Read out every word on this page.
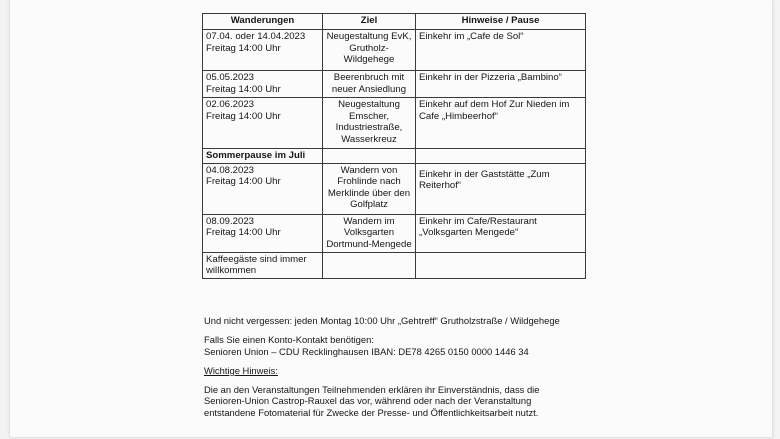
Wanderungen	Ziel	Hinweise / Pause
07.04. oder 14.04.2023
Freitag 14:00 Uhr	Neugestaltung EvK, Grutholz-Wildgehege	Einkehr im „Cafe de Sol“
05.05.2023
Freitag 14:00 Uhr	Beerenbruch mit neuer Ansiedlung	Einkehr in der Pizzeria „Bambino“
02.06.2023
Freitag 14:00 Uhr	Neugestaltung Emscher, Industriestraße, Wasserkreuz	Einkehr auf dem Hof Zur Nieden im Cafe „Himbeerhof“
Sommerpause im Juli		
04.08.2023
Freitag 14:00 Uhr	Wandern von Frohlinde nach Merklinde über den Golfplatz	Einkehr in der Gaststätte „Zum Reiterhof“
08.09.2023
Freitag 14:00 Uhr	Wandern im Volksgarten Dortmund-Mengede	Einkehr im Cafe/Restaurant „Volksgarten Mengede“
Kaffeegäste sind immer willkommen		

Und nicht vergessen: jeden Montag 10:00 Uhr „Gehtreff“ Grutholzstraße / Wildgehege

Falls Sie einen Konto-Kontakt benötigen:

Senioren Union – CDU Recklinghausen IBAN: DE78 4265 0150 0000 1446 34

Wichtige Hinweis:

Die an den Veranstaltungen Teilnehmenden erklären ihr Einverständnis, dass die

Senioren-Union Castrop-Rauxel das vor, während oder nach der Veranstaltung

entstandene Fotomaterial für Zwecke der Presse- und Öffentlichkeitsarbeit nutzt.
